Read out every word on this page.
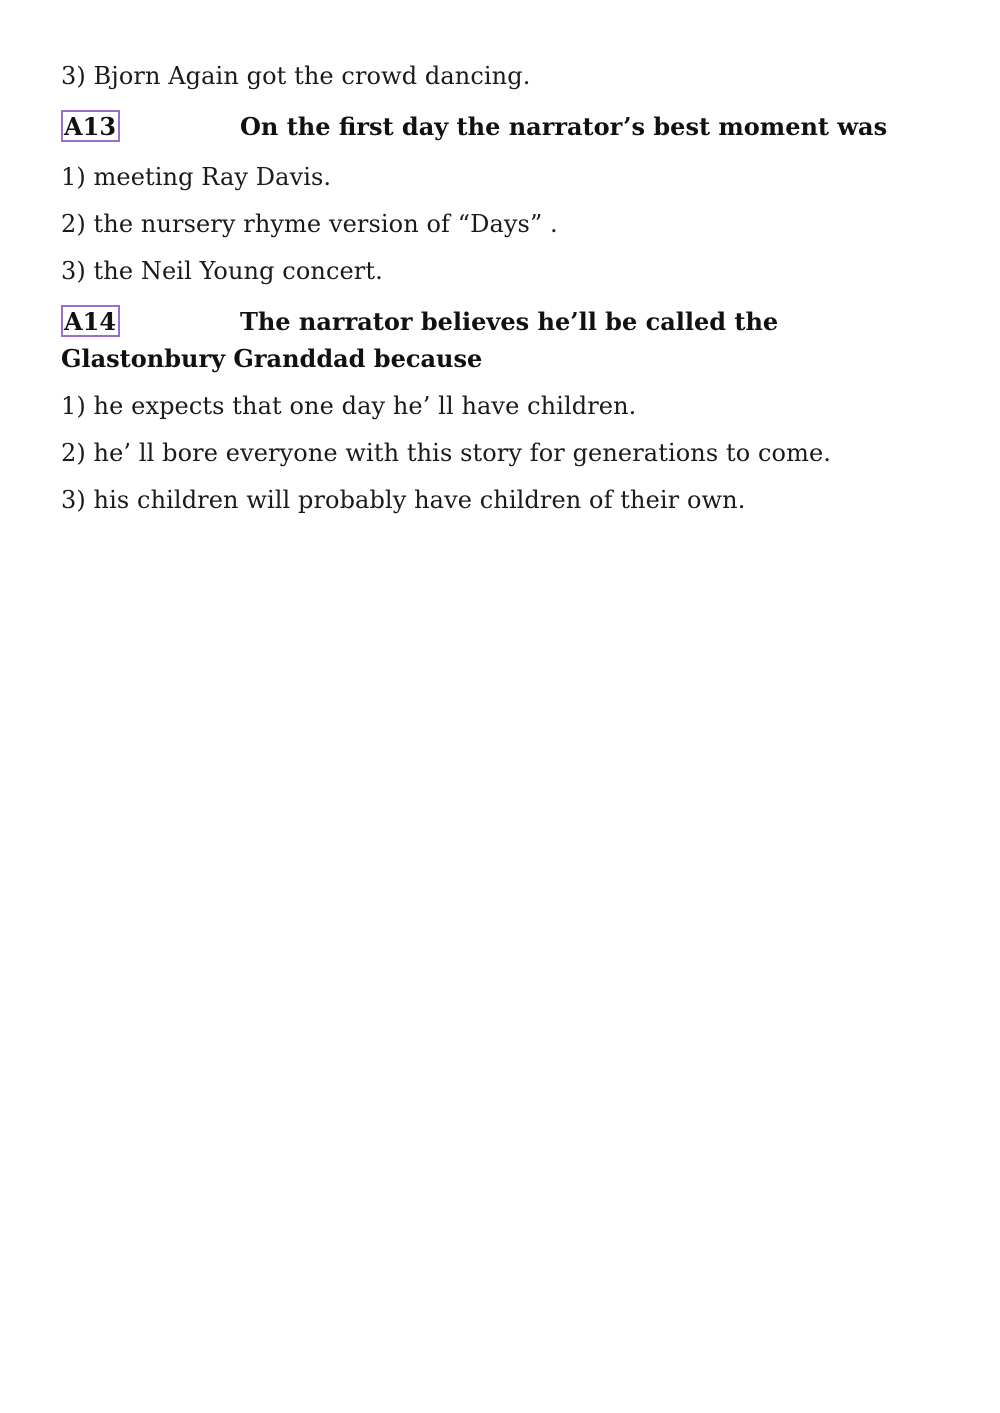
3) Bjorn Again got the crowd dancing.
A13	On the first day the narrator’s best moment was
1) meeting Ray Davis.
2) the nursery rhyme version of “Days” .
3) the Neil Young concert.
A14	The narrator believes he’ll be called the
Glastonbury Granddad because
1) he expects that one day he’ ll have children.
2) he’ ll bore everyone with this story for generations to come.
3) his children will probably have children of their own.
